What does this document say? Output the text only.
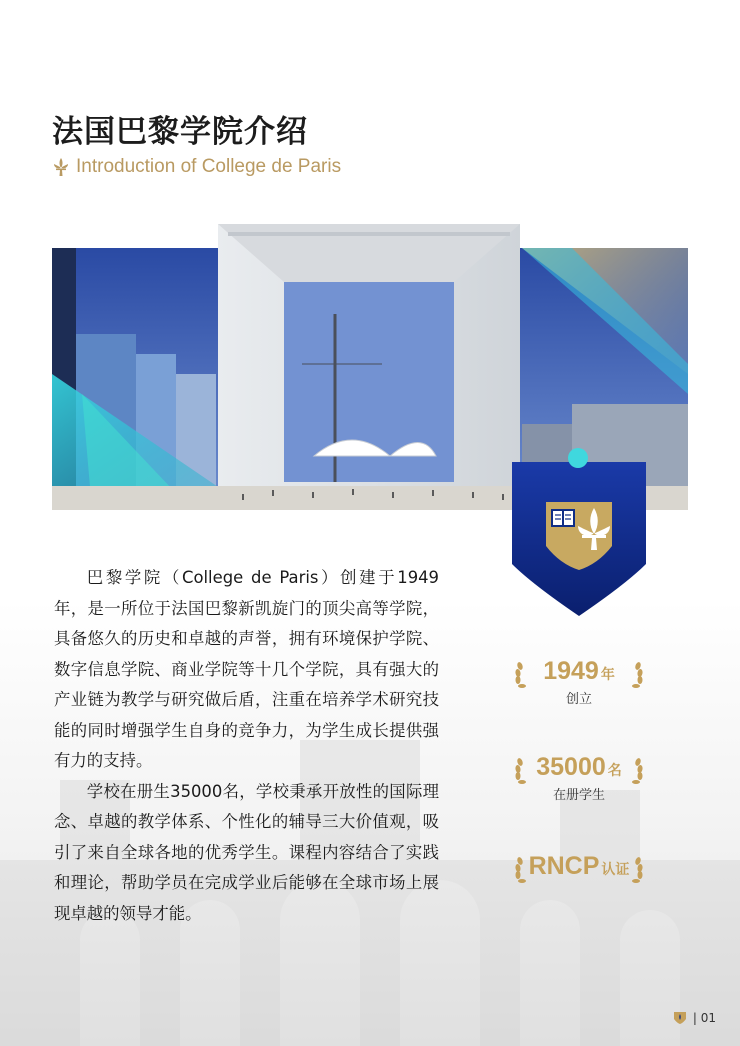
法国巴黎学院介绍
Introduction of College de Paris

巴黎学院（College de Paris）创建于1949年，是一所位于法国巴黎新凯旋门的顶尖高等学院，具备悠久的历史和卓越的声誉，拥有环境保护学院、数字信息学院、商业学院等十几个学院，具有强大的产业链为教学与研究做后盾，注重在培养学术研究技能的同时增强学生自身的竞争力，为学生成长提供强有力的支持。

学校在册生35000名，学校秉承开放性的国际理念、卓越的教学体系、个性化的辅导三大价值观，吸引了来自全球各地的优秀学生。课程内容结合了实践和理论，帮助学员在完成学业后能够在全球市场上展现卓越的领导才能。

1949 年
创立
35000 名
在册学生
RNCP 认证
| 01
